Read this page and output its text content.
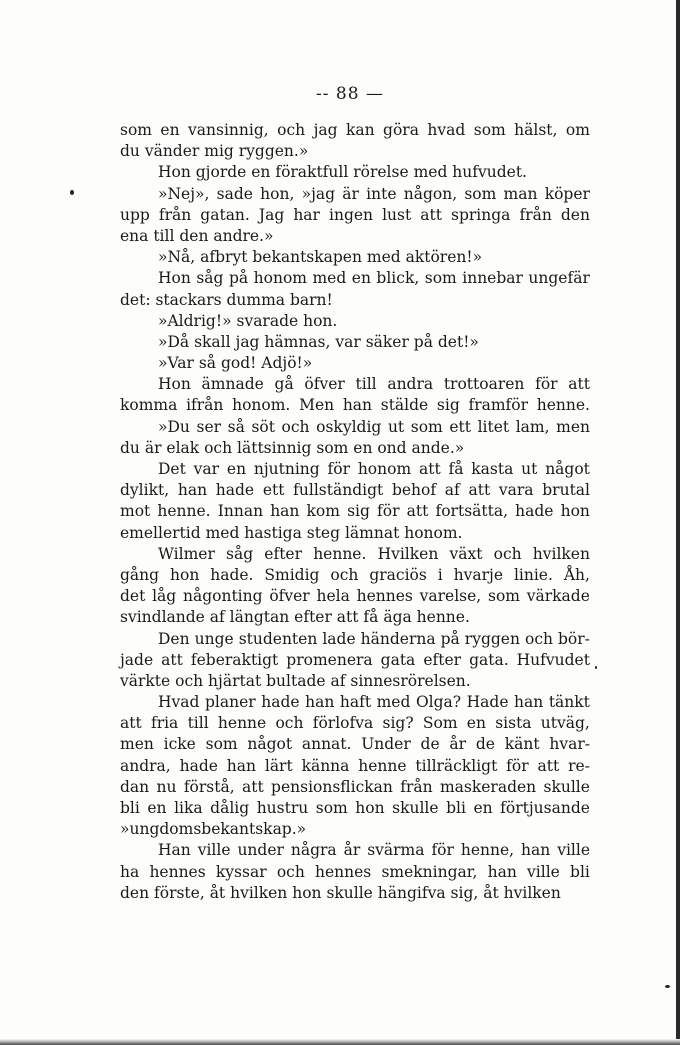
-- 88 —
som en vansinnig, och jag kan göra hvad som hälst, om
du vänder mig ryggen.»
Hon gjorde en föraktfull rörelse med hufvudet.
»Nej», sade hon, »jag är inte någon, som man köper
upp från gatan. Jag har ingen lust att springa från den
ena till den andre.»
»Nå, afbryt bekantskapen med aktören!»
Hon såg på honom med en blick, som innebar ungefär
det: stackars dumma barn!
»Aldrig!» svarade hon.
»Då skall jag hämnas, var säker på det!»
»Var så god! Adjö!»
Hon ämnade gå öfver till andra trottoaren för att
komma ifrån honom. Men han stälde sig framför henne.
»Du ser så söt och oskyldig ut som ett litet lam, men
du är elak och lättsinnig som en ond ande.»
Det var en njutning för honom att få kasta ut något
dylikt, han hade ett fullständigt behof af att vara brutal
mot henne. Innan han kom sig för att fortsätta, hade hon
emellertid med hastiga steg lämnat honom.
Wilmer såg efter henne. Hvilken växt och hvilken
gång hon hade. Smidig och graciös i hvarje linie. Åh,
det låg någonting öfver hela hennes varelse, som värkade
svindlande af längtan efter att få äga henne.
Den unge studenten lade händerna på ryggen och bör-
jade att feberaktigt promenera gata efter gata. Hufvudet
värkte och hjärtat bultade af sinnesrörelsen.
Hvad planer hade han haft med Olga? Hade han tänkt
att fria till henne och förlofva sig? Som en sista utväg,
men icke som något annat. Under de år de känt hvar-
andra, hade han lärt känna henne tillräckligt för att re-
dan nu förstå, att pensionsflickan från maskeraden skulle
bli en lika dålig hustru som hon skulle bli en förtjusande
»ungdomsbekantskap.»
Han ville under några år svärma för henne, han ville
ha hennes kyssar och hennes smekningar, han ville bli
den förste, åt hvilken hon skulle hängifva sig, åt hvilken
